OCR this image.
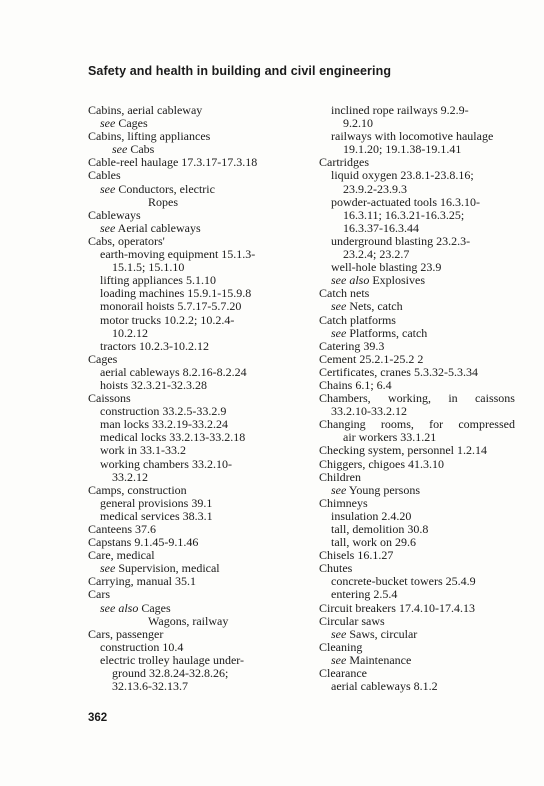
Safety and health in building and civil engineering
Cabins, aerial cableway
see Cages
Cabins, lifting appliances
see Cabs
Cable-reel haulage 17.3.17-17.3.18
Cables
see Conductors, electric
Ropes
Cableways
see Aerial cableways
Cabs, operators'
earth-moving equipment 15.1.3-
15.1.5; 15.1.10
lifting appliances 5.1.10
loading machines 15.9.1-15.9.8
monorail hoists 5.7.17-5.7.20
motor trucks 10.2.2; 10.2.4-
10.2.12
tractors 10.2.3-10.2.12
Cages
aerial cableways 8.2.16-8.2.24
hoists 32.3.21-32.3.28
Caissons
construction 33.2.5-33.2.9
man locks 33.2.19-33.2.24
medical locks 33.2.13-33.2.18
work in 33.1-33.2
working chambers 33.2.10-
33.2.12
Camps, construction
general provisions 39.1
medical services 38.3.1
Canteens 37.6
Capstans 9.1.45-9.1.46
Care, medical
see Supervision, medical
Carrying, manual 35.1
Cars
see also Cages
Wagons, railway
Cars, passenger
construction 10.4
electric trolley haulage under-
ground 32.8.24-32.8.26;
32.13.6-32.13.7
inclined rope railways 9.2.9-
9.2.10
railways with locomotive haulage
19.1.20; 19.1.38-19.1.41
Cartridges
liquid oxygen 23.8.1-23.8.16;
23.9.2-23.9.3
powder-actuated tools 16.3.10-
16.3.11; 16.3.21-16.3.25;
16.3.37-16.3.44
underground blasting 23.2.3-
23.2.4; 23.2.7
well-hole blasting 23.9
see also Explosives
Catch nets
see Nets, catch
Catch platforms
see Platforms, catch
Catering 39.3
Cement 25.2.1-25.2 2
Certificates, cranes 5.3.32-5.3.34
Chains 6.1; 6.4
Chambers, working, in caissons
33.2.10-33.2.12
Changing rooms, for compressed
air workers 33.1.21
Checking system, personnel 1.2.14
Chiggers, chigoes 41.3.10
Children
see Young persons
Chimneys
insulation 2.4.20
tall, demolition 30.8
tall, work on 29.6
Chisels 16.1.27
Chutes
concrete-bucket towers 25.4.9
entering 2.5.4
Circuit breakers 17.4.10-17.4.13
Circular saws
see Saws, circular
Cleaning
see Maintenance
Clearance
aerial cableways 8.1.2
362
